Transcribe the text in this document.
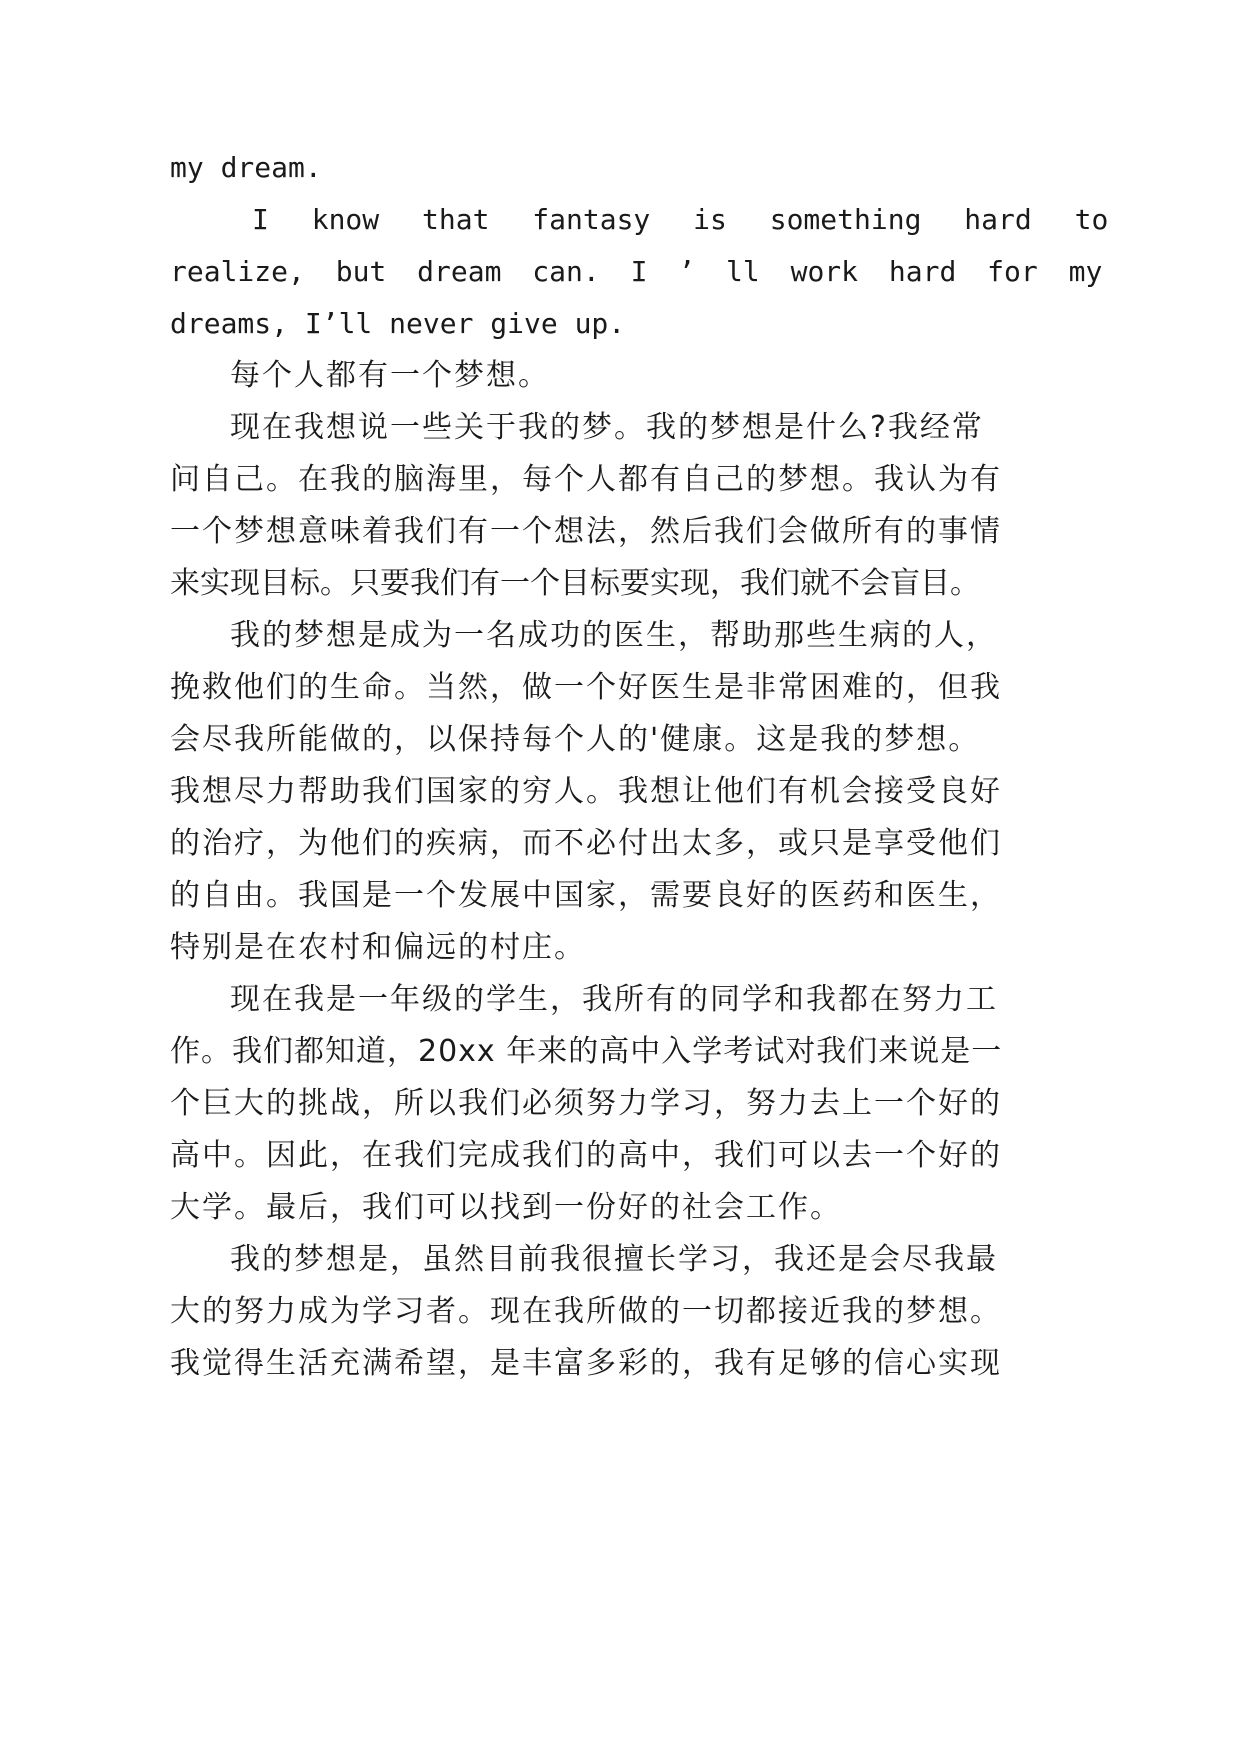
my dream.
I know that fantasy is something hard to
realize, but dream can. I ’ ll work hard for my
dreams, I’ll never give up.
每个人都有一个梦想。
现在我想说一些关于我的梦。我的梦想是什么?我经常
问自己。在我的脑海里，每个人都有自己的梦想。我认为有
一个梦想意味着我们有一个想法，然后我们会做所有的事情
来实现目标。只要我们有一个目标要实现，我们就不会盲目。
我的梦想是成为一名成功的医生，帮助那些生病的人，
挽救他们的生命。当然，做一个好医生是非常困难的，但我
会尽我所能做的，以保持每个人的'健康。这是我的梦想。
我想尽力帮助我们国家的穷人。我想让他们有机会接受良好
的治疗，为他们的疾病，而不必付出太多，或只是享受他们
的自由。我国是一个发展中国家，需要良好的医药和医生，
特别是在农村和偏远的村庄。
现在我是一年级的学生，我所有的同学和我都在努力工
作。我们都知道，20xx 年来的高中入学考试对我们来说是一
个巨大的挑战，所以我们必须努力学习，努力去上一个好的
高中。因此，在我们完成我们的高中，我们可以去一个好的
大学。最后，我们可以找到一份好的社会工作。
我的梦想是，虽然目前我很擅长学习，我还是会尽我最
大的努力成为学习者。现在我所做的一切都接近我的梦想。
我觉得生活充满希望，是丰富多彩的，我有足够的信心实现
